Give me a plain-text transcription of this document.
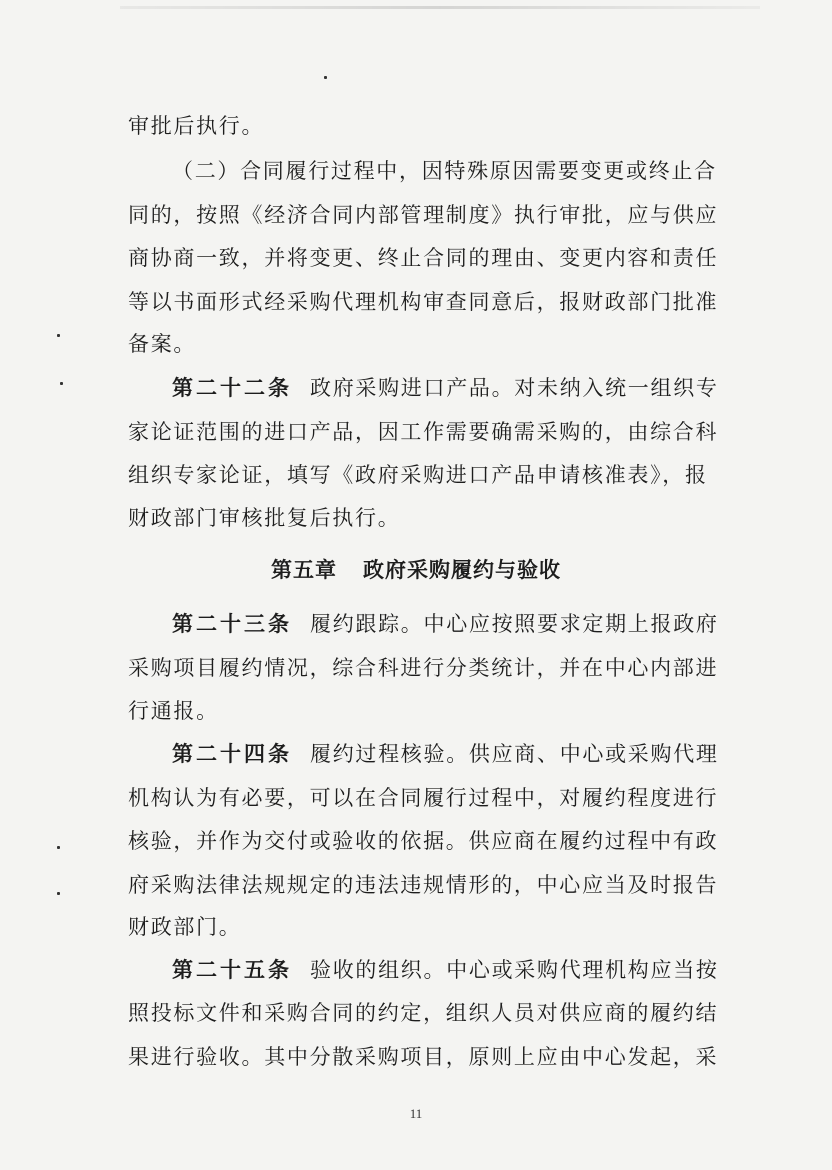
审批后执行。
（二）合同履行过程中，因特殊原因需要变更或终止合
同的，按照《经济合同内部管理制度》执行审批，应与供应
商协商一致，并将变更、终止合同的理由、变更内容和责任
等以书面形式经采购代理机构审查同意后，报财政部门批准
备案。
第二十二条 政府采购进口产品。对未纳入统一组织专
家论证范围的进口产品，因工作需要确需采购的，由综合科
组织专家论证，填写《政府采购进口产品申请核准表》，报
财政部门审核批复后执行。
第五章 政府采购履约与验收
第二十三条 履约跟踪。中心应按照要求定期上报政府
采购项目履约情况，综合科进行分类统计，并在中心内部进
行通报。
第二十四条 履约过程核验。供应商、中心或采购代理
机构认为有必要，可以在合同履行过程中，对履约程度进行
核验，并作为交付或验收的依据。供应商在履约过程中有政
府采购法律法规规定的违法违规情形的，中心应当及时报告
财政部门。
第二十五条 验收的组织。中心或采购代理机构应当按
照投标文件和采购合同的约定，组织人员对供应商的履约结
果进行验收。其中分散采购项目，原则上应由中心发起，采
11
